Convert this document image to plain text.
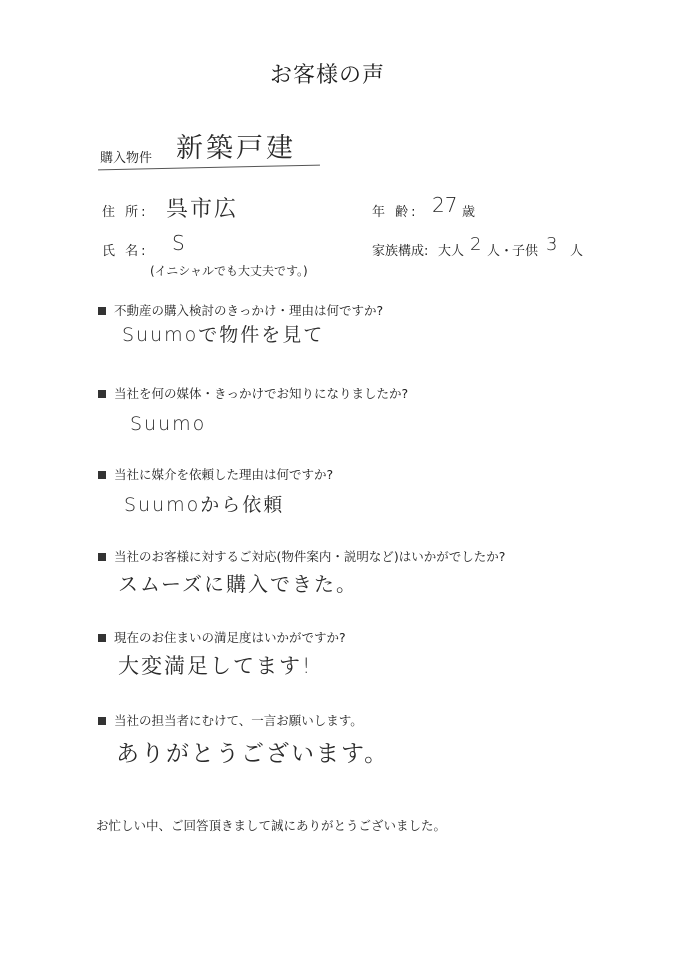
お客様の声
購入物件 新築戸建
住 所: 呉市広	年 齢: 27 歳
氏 名: S
(イニシャルでも大丈夫です。)
家族構成: 大人 2 人 ・
子供 3 人
不動産の購入検討のきっかけ・理由は何ですか?
Suumoで物件を見て
当社を何の媒体・きっかけでお知りになりましたか?
Suumo
当社に媒介を依頼した理由は何ですか?
Suumoから依頼
当社のお客様に対するご対応(物件案内・説明など)はいかがでしたか?
スムーズに購入できた。
現在のお住まいの満足度はいかがですか?
大変満足してます!
当社の担当者にむけて、一言お願いします。
ありがとうございます。
お忙しい中、ご回答頂きまして誠にありがとうございました。
